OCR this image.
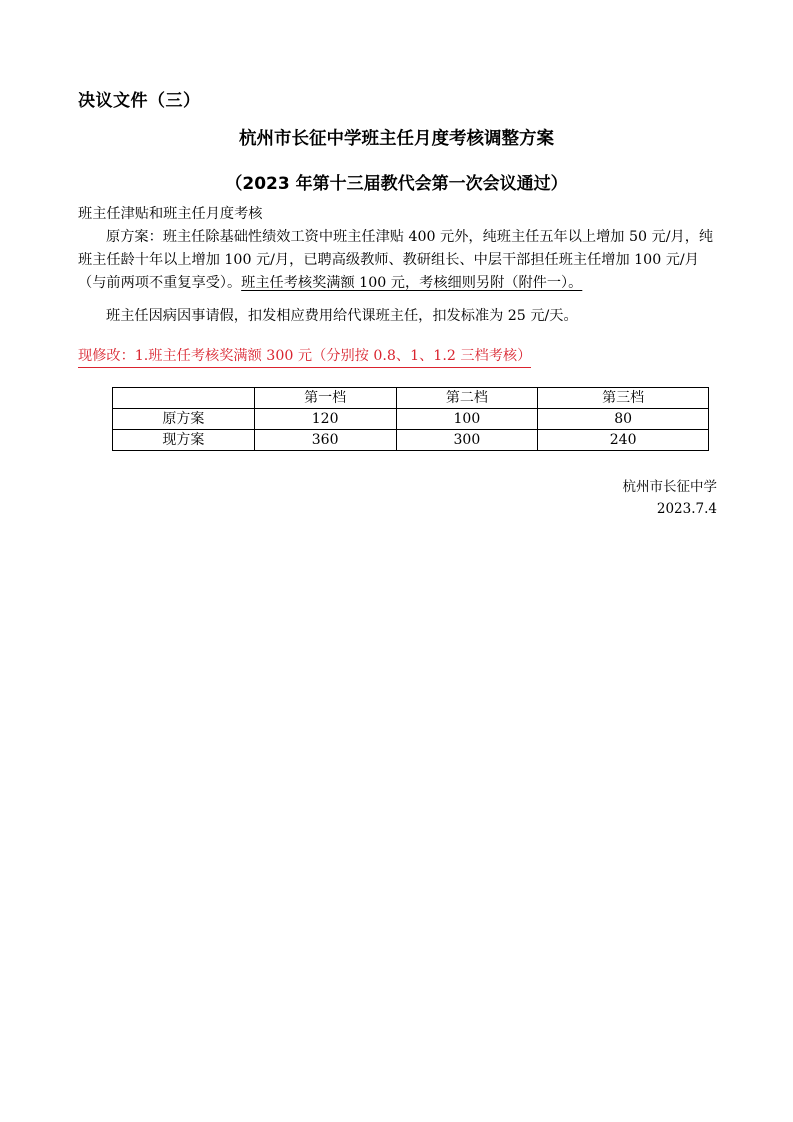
决议文件（三）
杭州市长征中学班主任月度考核调整方案
（2023 年第十三届教代会第一次会议通过）
班主任津贴和班主任月度考核
原方案：班主任除基础性绩效工资中班主任津贴 400 元外，纯班主任五年以上增加 50 元/月，纯班主任龄十年以上增加 100 元/月，已聘高级教师、教研组长、中层干部担任班主任增加 100 元/月（与前两项不重复享受）。班主任考核奖满额 100 元，考核细则另附（附件一）。
班主任因病因事请假，扣发相应费用给代课班主任，扣发标准为 25 元/天。
现修改：1.班主任考核奖满额 300 元（分别按 0.8、1、1.2 三档考核）
	第一档	第二档	第三档
原方案	120	100	80
现方案	360	300	240
杭州市长征中学
2023.7.4
